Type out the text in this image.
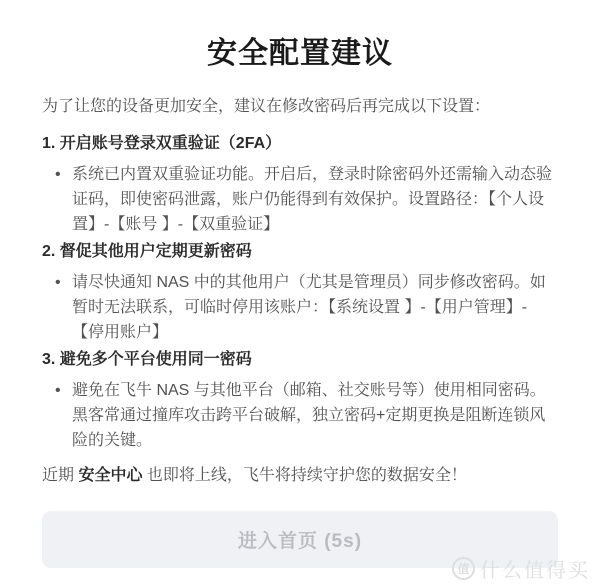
安全配置建议

为了让您的设备更加安全，建议在修改密码后再完成以下设置：

1. 开启账号登录双重验证（2FA）
• 系统已内置双重验证功能。开启后，登录时除密码外还需输入动态验证码，即使密码泄露，账户仍能得到有效保护。设置路径：【个人设置】-【账号 】-【双重验证】

2. 督促其他用户定期更新密码
• 请尽快通知 NAS 中的其他用户（尤其是管理员）同步修改密码。如暂时无法联系，可临时停用该账户：【系统设置 】-【用户管理】-【停用账户】

3. 避免多个平台使用同一密码
• 避免在飞牛 NAS 与其他平台（邮箱、社交账号等）使用相同密码。黑客常通过撞库攻击跨平台破解，独立密码+定期更换是阻断连锁风险的关键。

近期 安全中心 也即将上线，飞牛将持续守护您的数据安全！

进入首页 (5s)
值 什么值得买
